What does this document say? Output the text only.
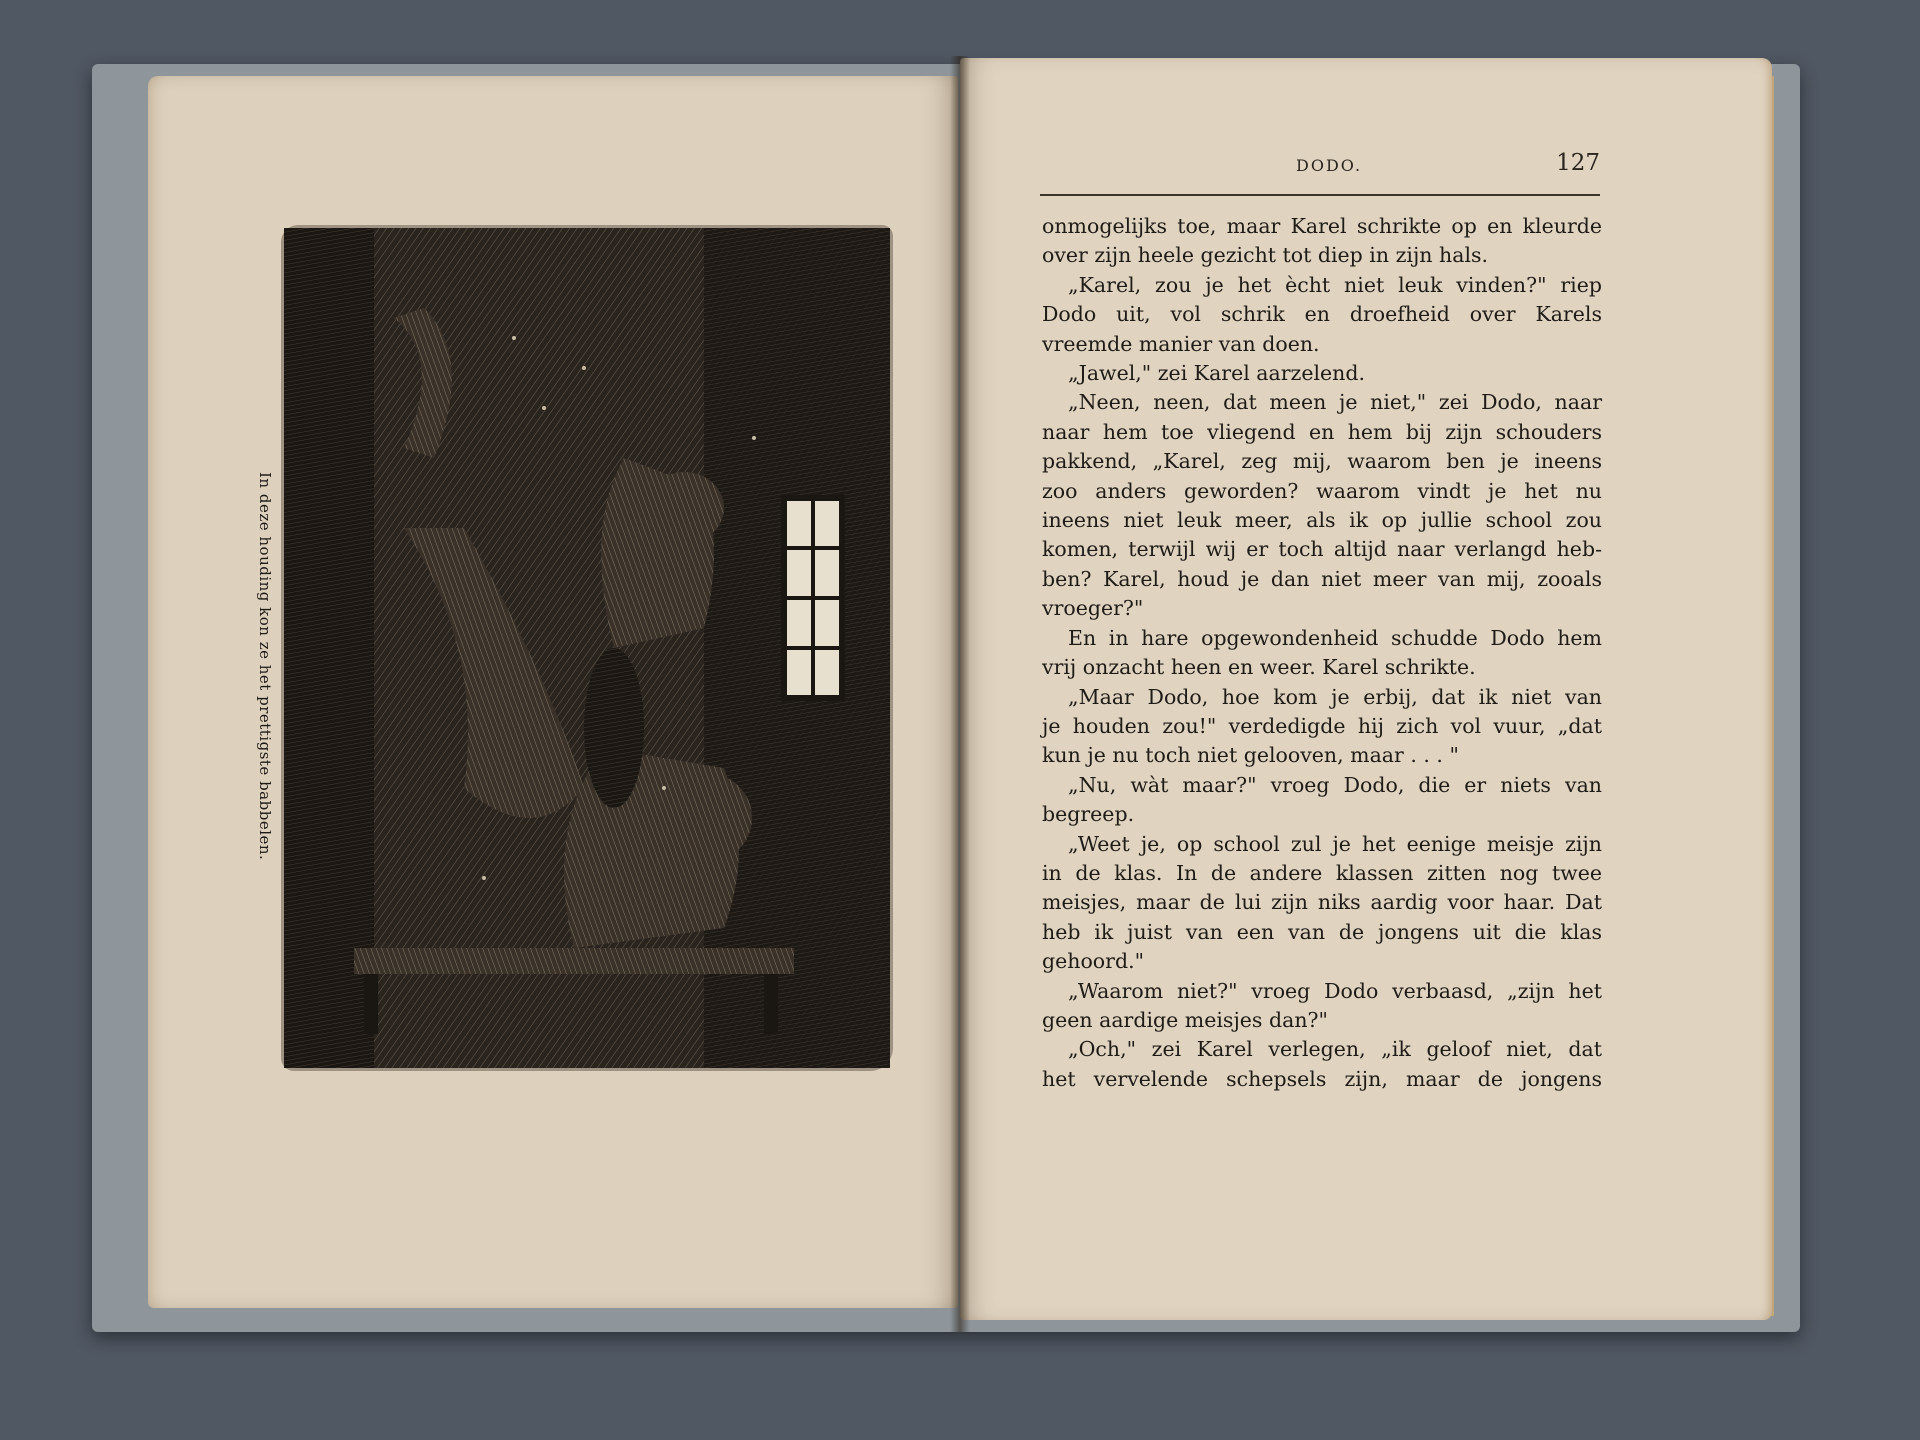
In deze houding kon ze het prettigste babbelen.
DODO.	127
onmogelijks toe, maar Karel schrikte op en kleurde
over zijn heele gezicht tot diep in zijn hals.
„Karel, zou je het ècht niet leuk vinden?" riep
Dodo uit, vol schrik en droefheid over Karels
vreemde manier van doen.
„Jawel," zei Karel aarzelend.
„Neen, neen, dat meen je niet," zei Dodo, naar
naar hem toe vliegend en hem bij zijn schouders
pakkend, „Karel, zeg mij, waarom ben je ineens
zoo anders geworden? waarom vindt je het nu
ineens niet leuk meer, als ik op jullie school zou
komen, terwijl wij er toch altijd naar verlangd heb-
ben? Karel, houd je dan niet meer van mij, zooals
vroeger?"
En in hare opgewondenheid schudde Dodo hem
vrij onzacht heen en weer. Karel schrikte.
„Maar Dodo, hoe kom je erbij, dat ik niet van
je houden zou!" verdedigde hij zich vol vuur, „dat
kun je nu toch niet gelooven, maar . . . "
„Nu, wàt maar?" vroeg Dodo, die er niets van
begreep.
„Weet je, op school zul je het eenige meisje zijn
in de klas. In de andere klassen zitten nog twee
meisjes, maar de lui zijn niks aardig voor haar. Dat
heb ik juist van een van de jongens uit die klas
gehoord."
„Waarom niet?" vroeg Dodo verbaasd, „zijn het
geen aardige meisjes dan?"
„Och," zei Karel verlegen, „ik geloof niet, dat
het vervelende schepsels zijn, maar de jongens
